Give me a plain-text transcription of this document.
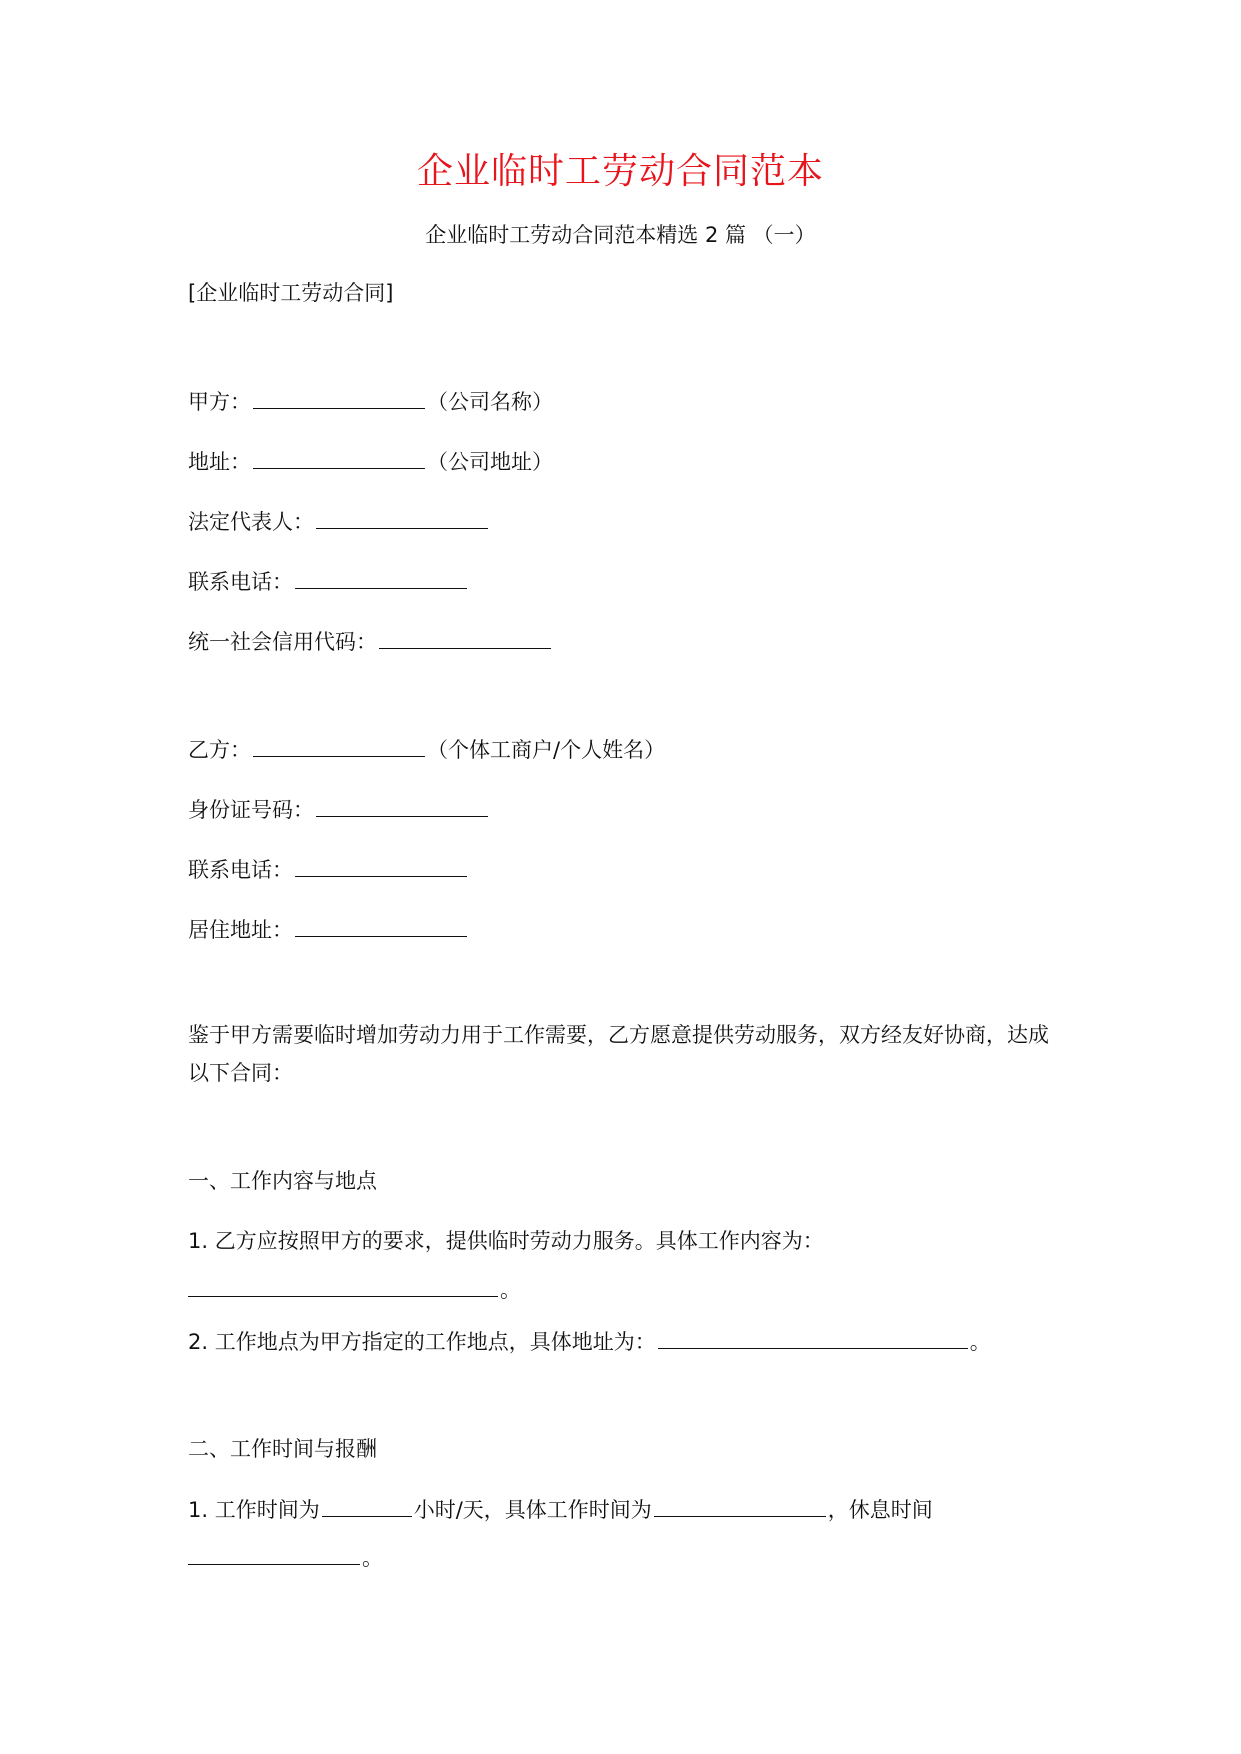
企业临时工劳动合同范本
企业临时工劳动合同范本精选 2 篇 （一）
[企业临时工劳动合同]
甲方：	（公司名称）
地址：	（公司地址）
法定代表人：
联系电话：
统一社会信用代码：
乙方：	（个体工商户/个人姓名）
身份证号码：
联系电话：
居住地址：
鉴于甲方需要临时增加劳动力用于工作需要，乙方愿意提供劳动服务，双方经友好协商，达成以下合同：
一、工作内容与地点
1. 乙方应按照甲方的要求，提供临时劳动力服务。具体工作内容为：
。
2. 工作地点为甲方指定的工作地点，具体地址为：	。
二、工作时间与报酬
1. 工作时间为	小时/天，具体工作时间为	，休息时间
。
